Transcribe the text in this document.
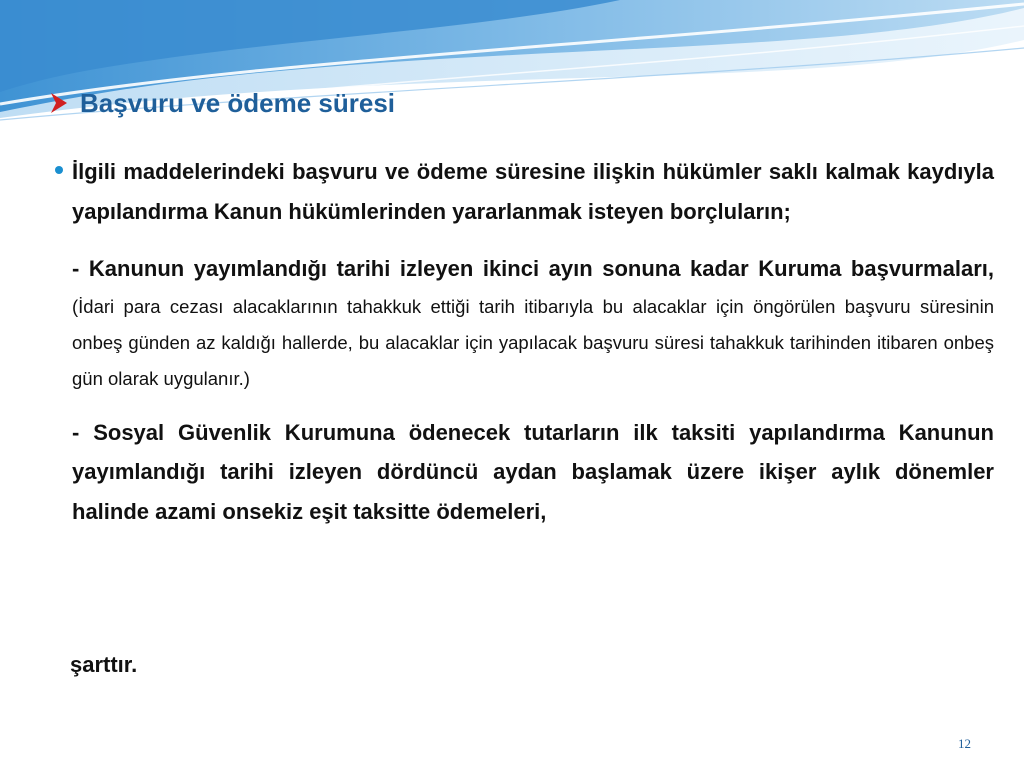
Başvuru ve ödeme süresi

İlgili maddelerindeki başvuru ve ödeme süresine ilişkin hükümler saklı kalmak kaydıyla yapılandırma Kanun hükümlerinden yararlanmak isteyen borçluların;

- Kanunun yayımlandığı tarihi izleyen ikinci ayın sonuna kadar Kuruma başvurmaları, (İdari para cezası alacaklarının tahakkuk ettiği tarih itibarıyla bu alacaklar için öngörülen başvuru süresinin onbeş günden az kaldığı hallerde, bu alacaklar için yapılacak başvuru süresi tahakkuk tarihinden itibaren onbeş gün olarak uygulanır.)

- Sosyal Güvenlik Kurumuna ödenecek tutarların ilk taksiti yapılandırma Kanunun yayımlandığı tarihi izleyen dördüncü aydan başlamak üzere ikişer aylık dönemler halinde azami onsekiz eşit taksitte ödemeleri,

şarttır.
12
